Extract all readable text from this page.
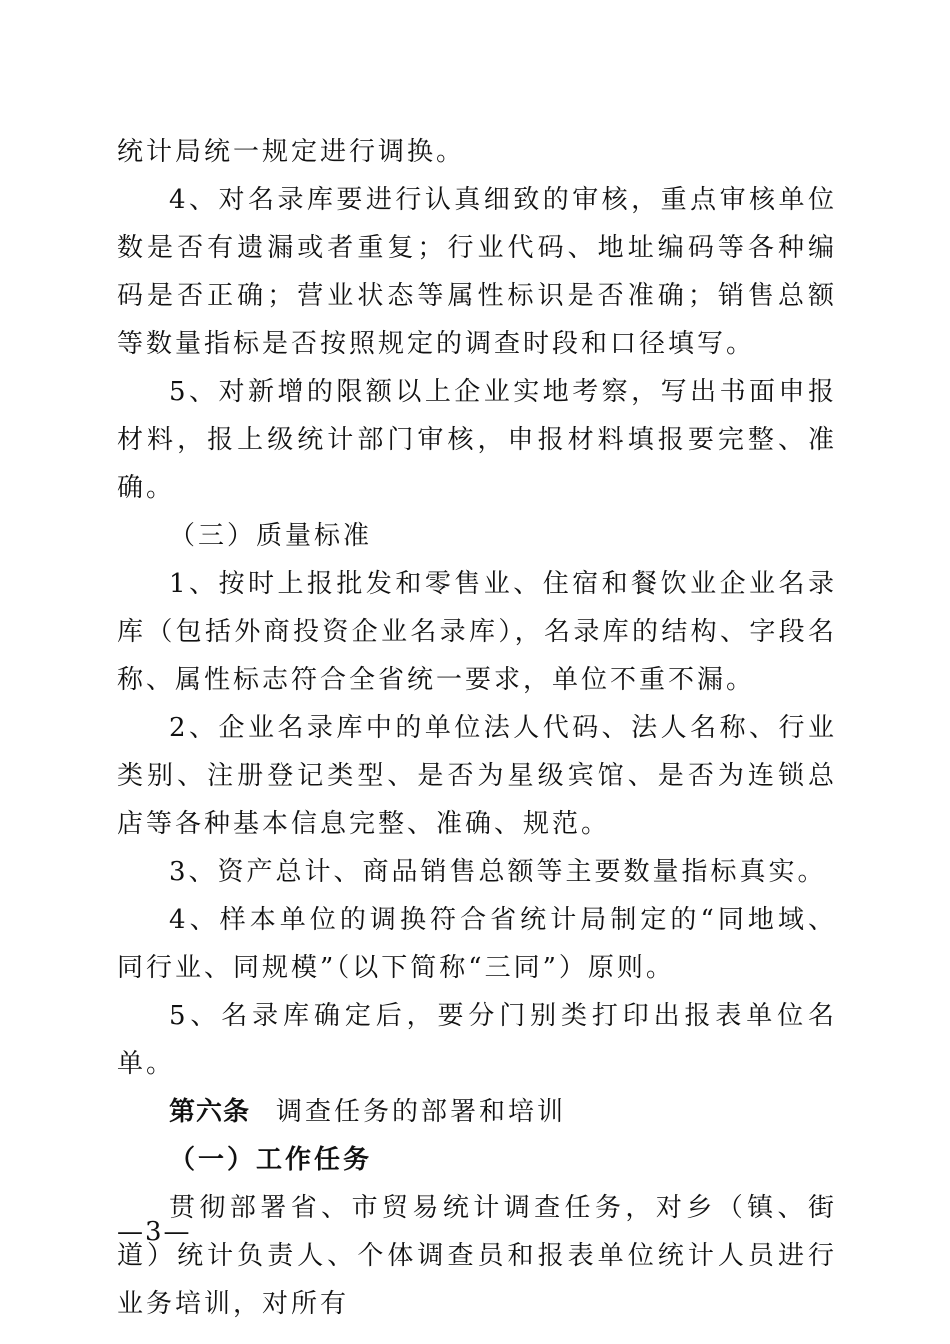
统计局统一规定进行调换。

4、对名录库要进行认真细致的审核，重点审核单位数是否有遗漏或者重复；行业代码、地址编码等各种编码是否正确；营业状态等属性标识是否准确；销售总额等数量指标是否按照规定的调查时段和口径填写。

5、对新增的限额以上企业实地考察，写出书面申报材料，报上级统计部门审核，申报材料填报要完整、准确。

（三）质量标准

1、按时上报批发和零售业、住宿和餐饮业企业名录库（包括外商投资企业名录库），名录库的结构、字段名称、属性标志符合全省统一要求，单位不重不漏。

2、企业名录库中的单位法人代码、法人名称、行业类别、注册登记类型、是否为星级宾馆、是否为连锁总店等各种基本信息完整、准确、规范。

3、资产总计、商品销售总额等主要数量指标真实。

4、样本单位的调换符合省统计局制定的“同地域、同行业、同规模”（以下简称“三同”）原则。

5、名录库确定后，要分门别类打印出报表单位名单。

第六条 调查任务的部署和培训

（一）工作任务

贯彻部署省、市贸易统计调查任务，对乡（镇、街道）统计负责人、个体调查员和报表单位统计人员进行业务培训，对所有

—3—
